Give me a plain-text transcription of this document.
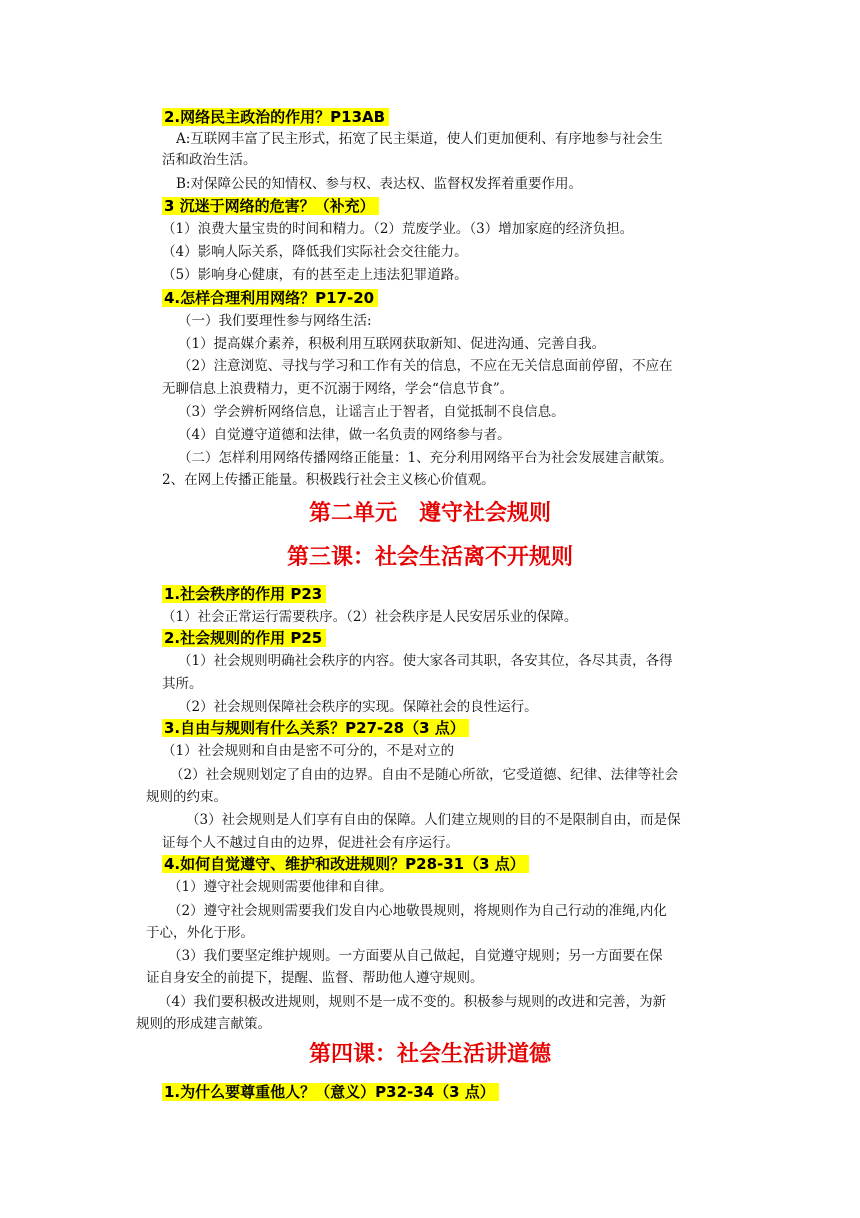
2.网络民主政治的作用？P13AB
A:互联网丰富了民主形式，拓宽了民主渠道，使人们更加便利、有序地参与社会生
活和政治生活。
B:对保障公民的知情权、参与权、表达权、监督权发挥着重要作用。
3 沉迷于网络的危害？（补充）
（1）浪费大量宝贵的时间和精力。（2）荒废学业。（3）增加家庭的经济负担。
（4）影响人际关系，降低我们实际社会交往能力。
（5）影响身心健康，有的甚至走上违法犯罪道路。
4.怎样合理利用网络？P17-20
（一）我们要理性参与网络生活:
（1）提高媒介素养，积极利用互联网获取新知、促进沟通、完善自我。
（2）注意浏览、寻找与学习和工作有关的信息，不应在无关信息面前停留，不应在
无聊信息上浪费精力，更不沉溺于网络，学会“信息节食”。
（3）学会辨析网络信息，让谣言止于智者，自觉抵制不良信息。
（4）自觉遵守道德和法律，做一名负责的网络参与者。
（二）怎样利用网络传播网络正能量：1、充分利用网络平台为社会发展建言献策。
2、在网上传播正能量。积极践行社会主义核心价值观。
第二单元　遵守社会规则
第三课：社会生活离不开规则
1.社会秩序的作用 P23
（1）社会正常运行需要秩序。（2）社会秩序是人民安居乐业的保障。
2.社会规则的作用 P25
（1）社会规则明确社会秩序的内容。使大家各司其职，各安其位，各尽其责，各得
其所。
（2）社会规则保障社会秩序的实现。保障社会的良性运行。
3.自由与规则有什么关系？P27-28（3 点）
（1）社会规则和自由是密不可分的，不是对立的
（2）社会规则划定了自由的边界。自由不是随心所欲，它受道德、纪律、法律等社会
规则的约束。
（3）社会规则是人们享有自由的保障。人们建立规则的目的不是限制自由，而是保
证每个人不越过自由的边界，促进社会有序运行。
4.如何自觉遵守、维护和改进规则？P28-31（3 点）
（1）遵守社会规则需要他律和自律。
（2）遵守社会规则需要我们发自内心地敬畏规则，将规则作为自己行动的准绳,内化
于心，外化于形。
（3）我们要坚定维护规则。一方面要从自己做起，自觉遵守规则；另一方面要在保
证自身安全的前提下，提醒、监督、帮助他人遵守规则。
（4）我们要积极改进规则，规则不是一成不变的。积极参与规则的改进和完善，为新
规则的形成建言献策。
第四课：社会生活讲道德
1.为什么要尊重他人？（意义）P32-34（3 点）
